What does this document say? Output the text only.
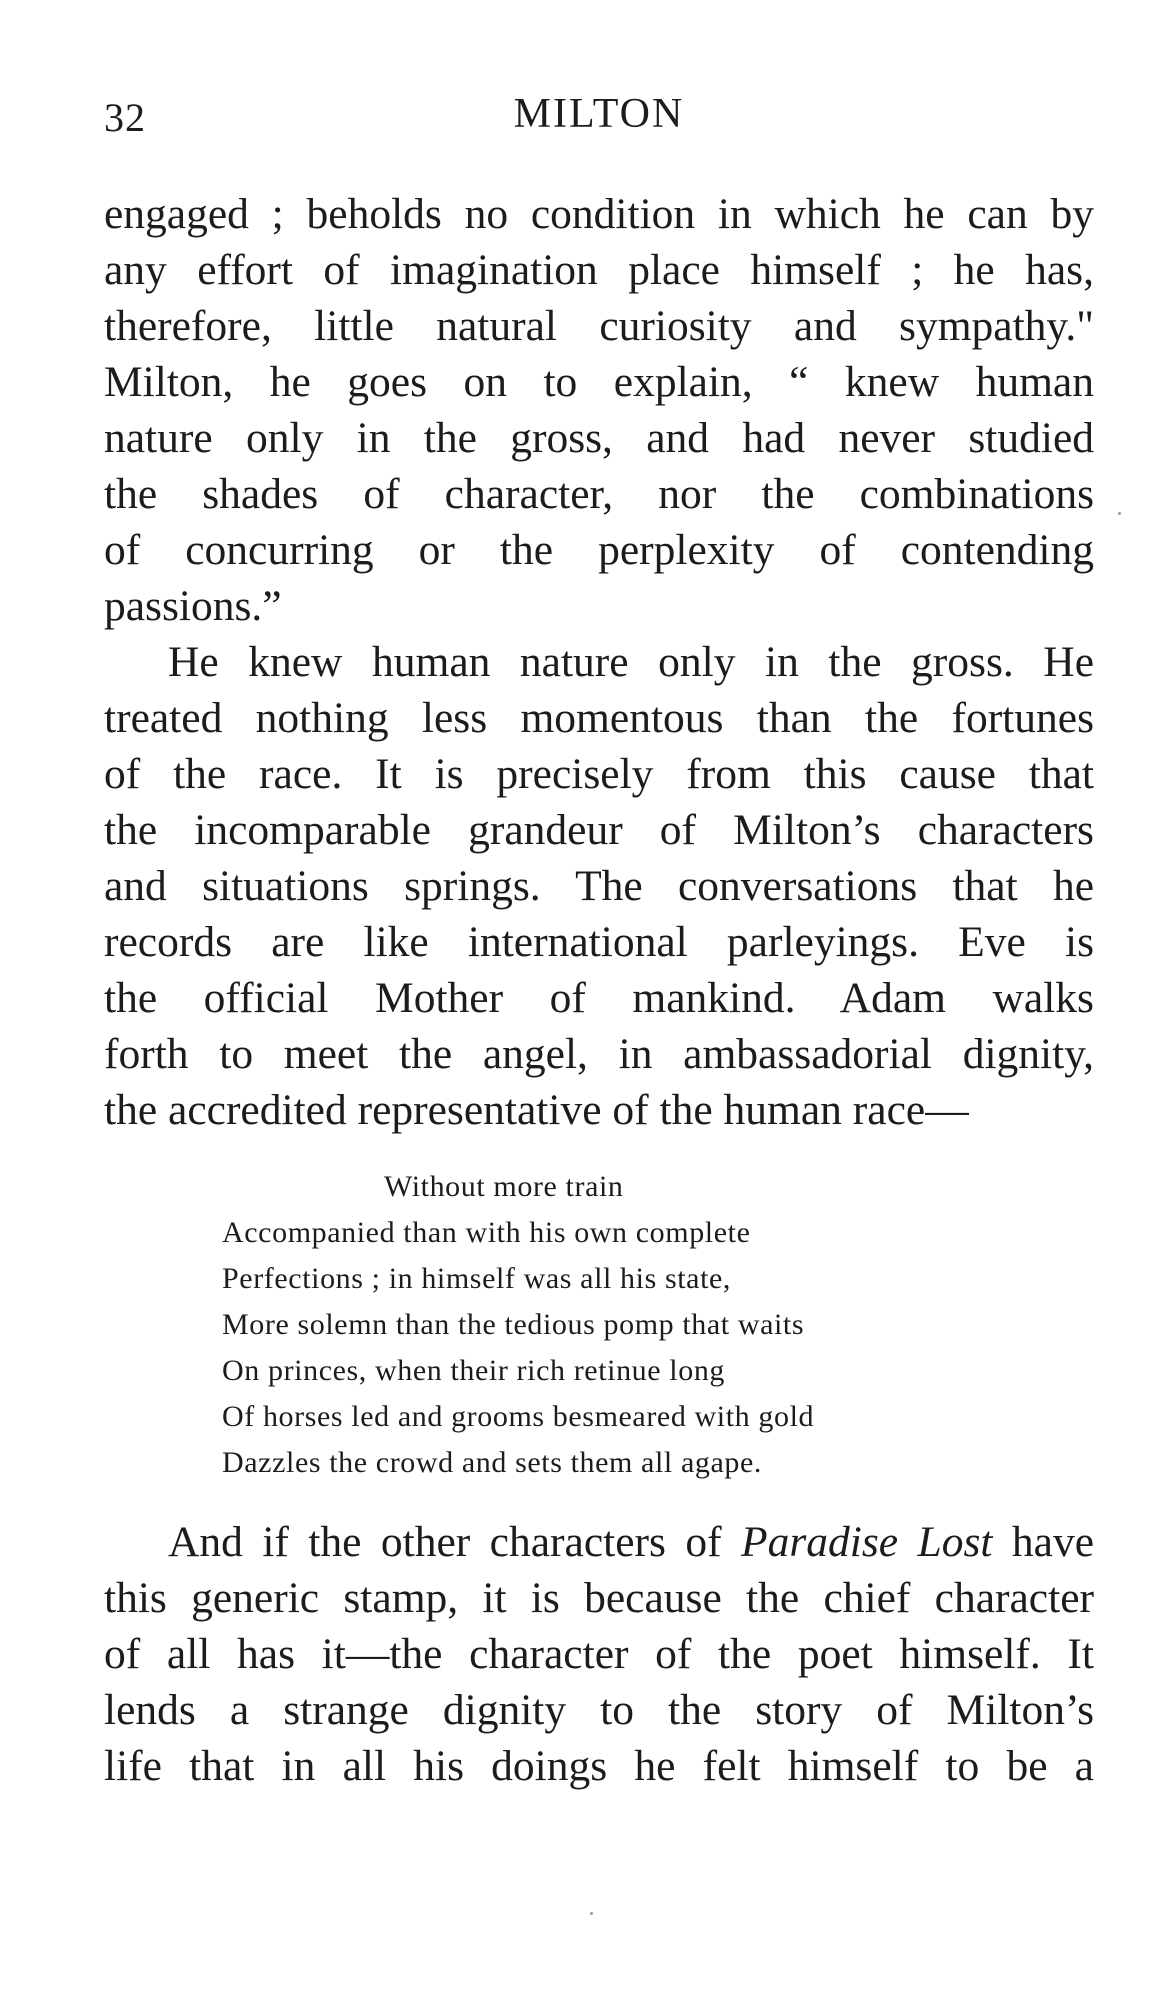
32	MILTON
engaged ; beholds no condition in which he can by
any effort of imagination place himself ; he has,
therefore, little natural curiosity and sympathy."
Milton, he goes on to explain, “ knew human
nature only in the gross, and had never studied
the shades of character, nor the combinations
of concurring or the perplexity of contending
passions.”
He knew human nature only in the gross. He
treated nothing less momentous than the fortunes
of the race. It is precisely from this cause that
the incomparable grandeur of Milton’s characters
and situations springs. The conversations that he
records are like international parleyings. Eve is
the official Mother of mankind. Adam walks
forth to meet the angel, in ambassadorial dignity,
the accredited representative of the human race—
Without more train
Accompanied than with his own complete
Perfections ; in himself was all his state,
More solemn than the tedious pomp that waits
On princes, when their rich retinue long
Of horses led and grooms besmeared with gold
Dazzles the crowd and sets them all agape.
And if the other characters of Paradise Lost have
this generic stamp, it is because the chief character
of all has it—the character of the poet himself. It
lends a strange dignity to the story of Milton’s
life that in all his doings he felt himself to be a
